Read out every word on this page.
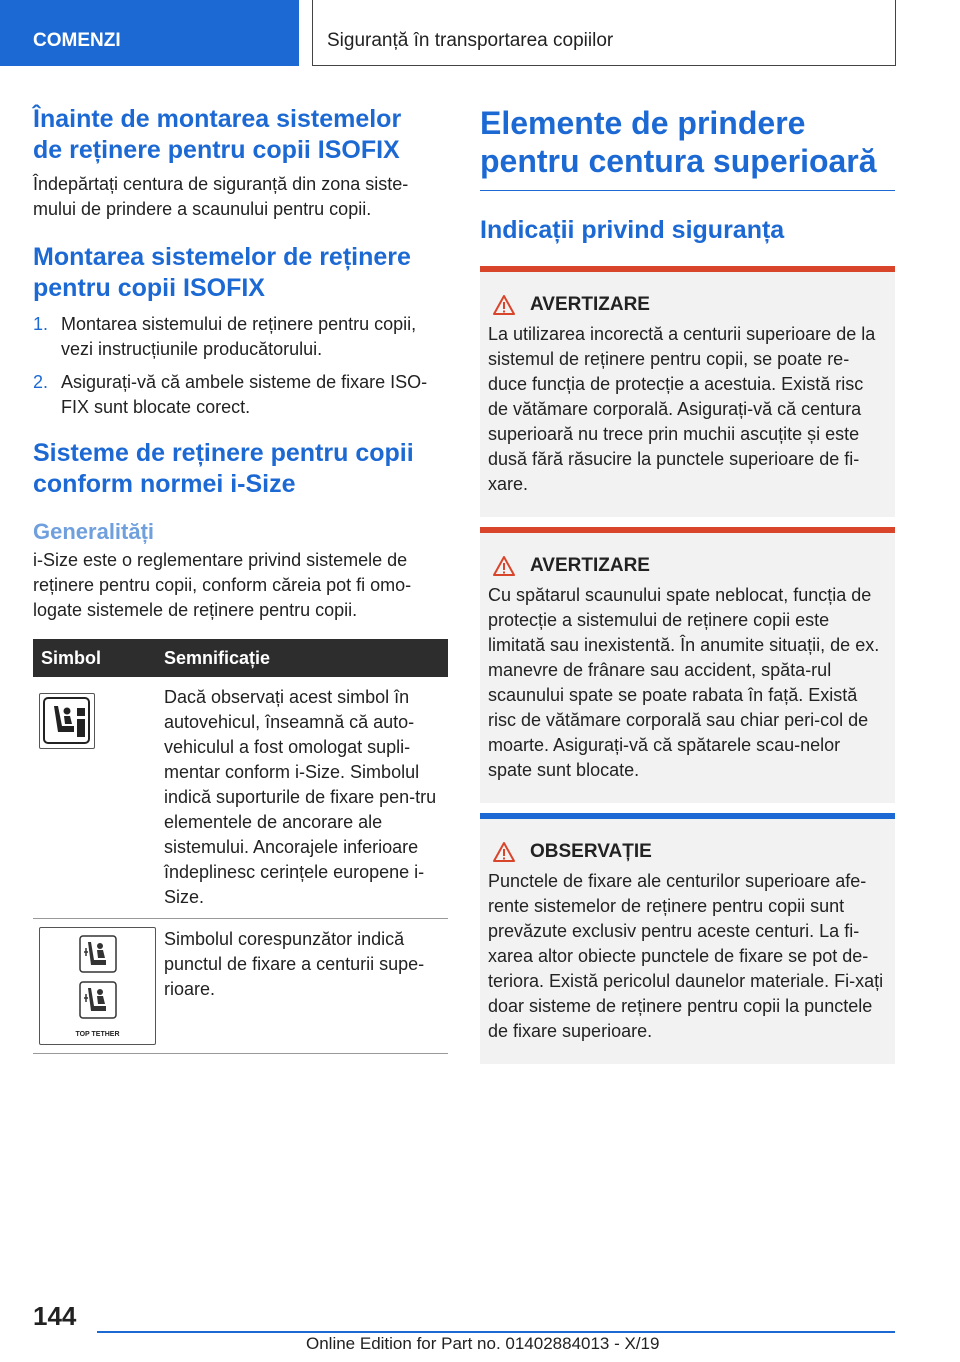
COMENZI	Siguranță în transportarea copiilor
Înainte de montarea sistemelor de reținere pentru copii ISOFIX
Îndepărtați centura de siguranță din zona siste‐mului de prindere a scaunului pentru copii.
Montarea sistemelor de reținere pentru copii ISOFIX
1. Montarea sistemului de reținere pentru copii, vezi instrucțiunile producătorului.
2. Asigurați-vă că ambele sisteme de fixare ISO‐FIX sunt blocate corect.
Sisteme de reținere pentru copii conform normei i‑Size
Generalități
i-Size este o reglementare privind sistemele de reținere pentru copii, conform căreia pot fi omo‐logate sistemele de reținere pentru copii.
Simbol	Semnificație
	Dacă observați acest simbol în autovehicul, înseamnă că auto‐vehiculul a fost omologat supli‐mentar conform i-Size. Simbolul indică suporturile de fixare pen‐tru elementele de ancorare ale sistemului. Ancorajele inferioare îndeplinesc cerințele europene i-Size.

TOP TETHER	Simbolul corespunzător indică punctul de fixare a centurii supe‐rioare.
Elemente de prindere pentru centura superioară
Indicații privind siguranța
AVERTIZARE
La utilizarea incorectă a centurii superioare de la sistemul de reținere pentru copii, se poate re‐duce funcția de protecție a acestuia. Există risc de vătămare corporală. Asigurați-vă că centura superioară nu trece prin muchii ascuțite și este dusă fără răsucire la punctele superioare de fi‐xare.
AVERTIZARE
Cu spătarul scaunului spate neblocat, funcția de protecție a sistemului de reținere copii este limitată sau inexistentă. În anumite situații, de ex. manevre de frânare sau accident, spăta‐rul scaunului spate se poate rabata în față. Există risc de vătămare corporală sau chiar peri‐col de moarte. Asigurați-vă că spătarele scau‐nelor spate sunt blocate.
OBSERVAȚIE
Punctele de fixare ale centurilor superioare afe‐rente sistemelor de reținere pentru copii sunt prevăzute exclusiv pentru aceste centuri. La fi‐xarea altor obiecte punctele de fixare se pot de‐teriora. Există pericolul daunelor materiale. Fi‐xați doar sisteme de reținere pentru copii la punctele de fixare superioare.
144
Online Edition for Part no. 01402884013 - X/19
